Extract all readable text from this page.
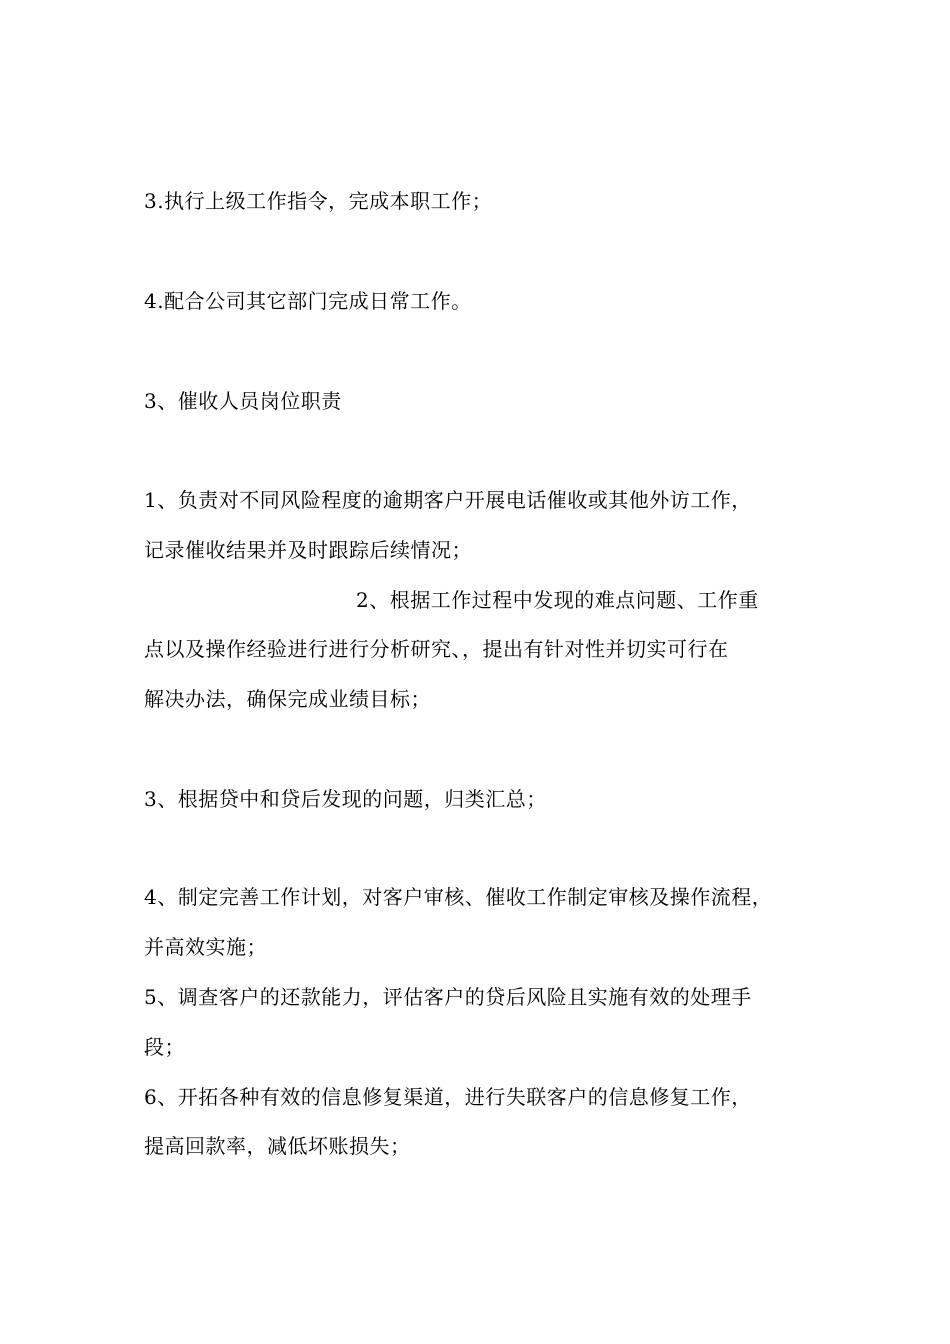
3.执行上级工作指令，完成本职工作；
4.配合公司其它部门完成日常工作。
3、催收人员岗位职责
1、负责对不同风险程度的逾期客户开展电话催收或其他外访工作，
记录催收结果并及时跟踪后续情况；
2、根据工作过程中发现的难点问题、工作重
点以及操作经验进行进行分析研究、，提出有针对性并切实可行在
解决办法，确保完成业绩目标；
3、根据贷中和贷后发现的问题，归类汇总；
4、制定完善工作计划，对客户审核、催收工作制定审核及操作流程，
并高效实施；
5、调查客户的还款能力，评估客户的贷后风险且实施有效的处理手
段；
6、开拓各种有效的信息修复渠道，进行失联客户的信息修复工作，
提高回款率，减低坏账损失；
